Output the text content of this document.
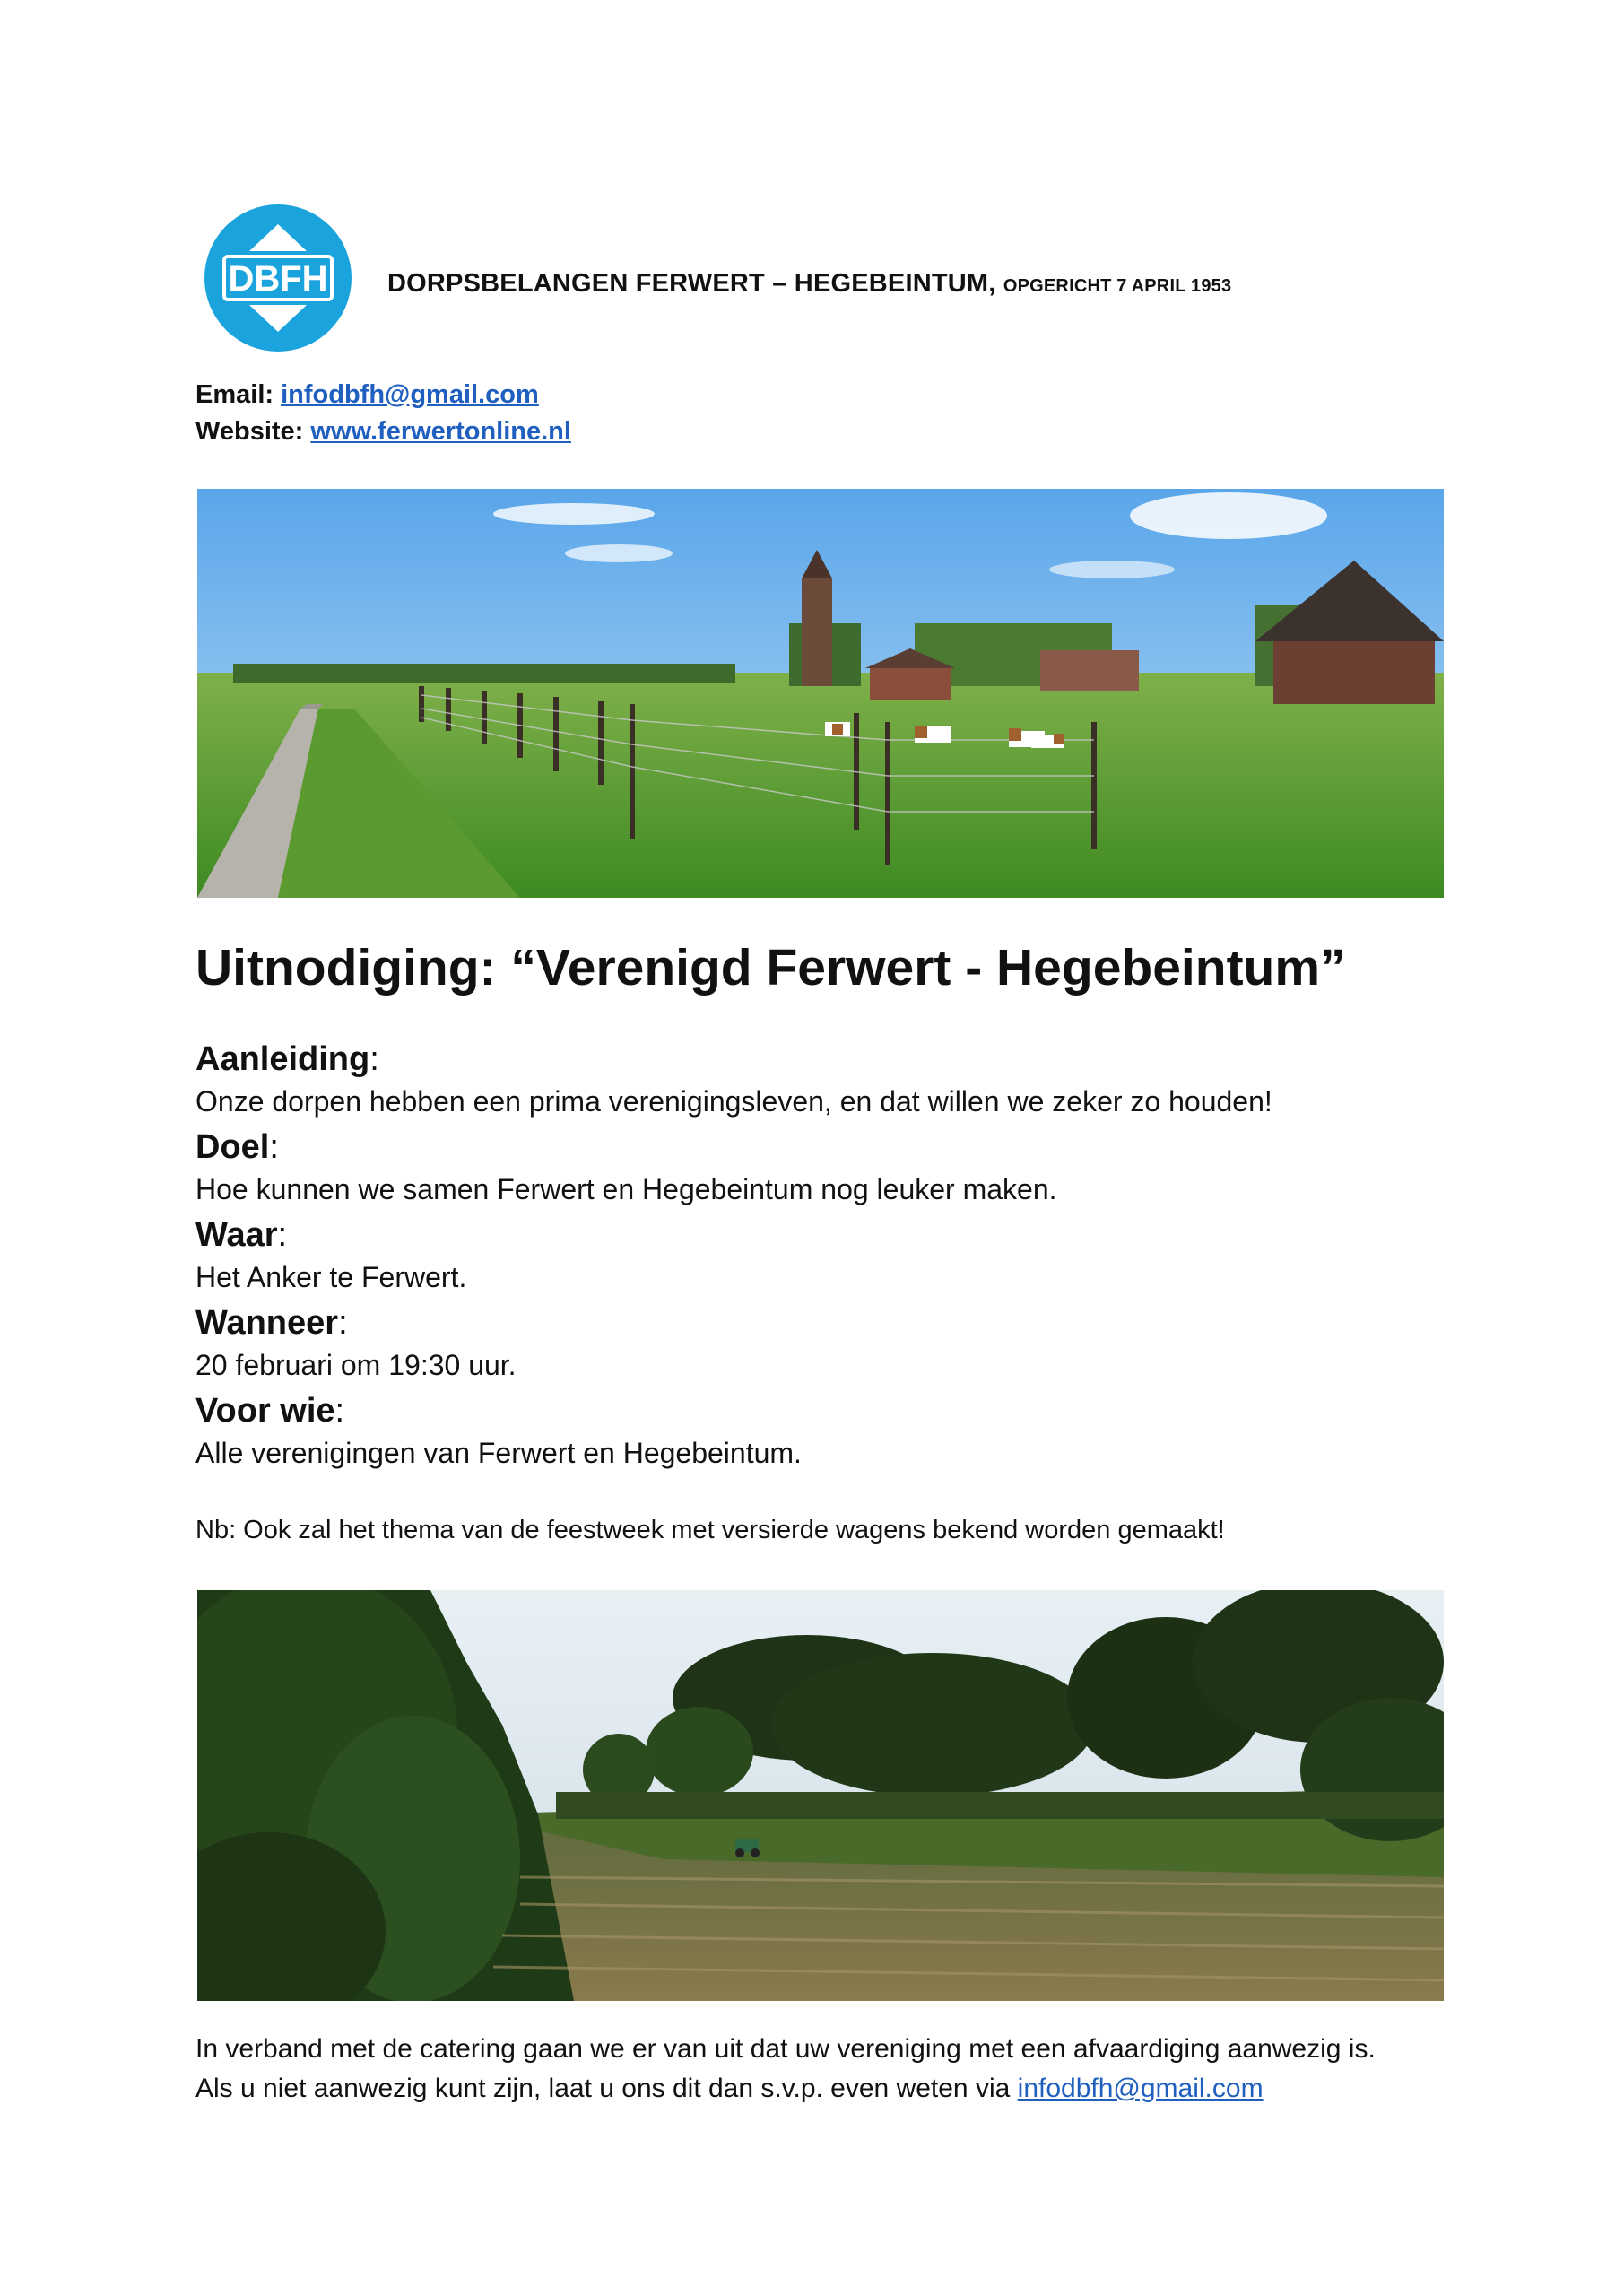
DBFH DORPSBELANGEN FERWERT – HEGEBEINTUM, OPGERICHT 7 APRIL 1953
Email: infodbfh@gmail.com
Website: www.ferwertonline.nl
Uitnodiging: “Verenigd Ferwert - Hegebeintum”
Aanleiding:
Onze dorpen hebben een prima verenigingsleven, en dat willen we zeker zo houden!
Doel:
Hoe kunnen we samen Ferwert en Hegebeintum nog leuker maken.
Waar:
Het Anker te Ferwert.
Wanneer:
20 februari om 19:30 uur.
Voor wie:
Alle verenigingen van Ferwert en Hegebeintum.
Nb: Ook zal het thema van de feestweek met versierde wagens bekend worden gemaakt!
In verband met de catering gaan we er van uit dat uw vereniging met een afvaardiging aanwezig is.
Als u niet aanwezig kunt zijn, laat u ons dit dan s.v.p. even weten via infodbfh@gmail.com
